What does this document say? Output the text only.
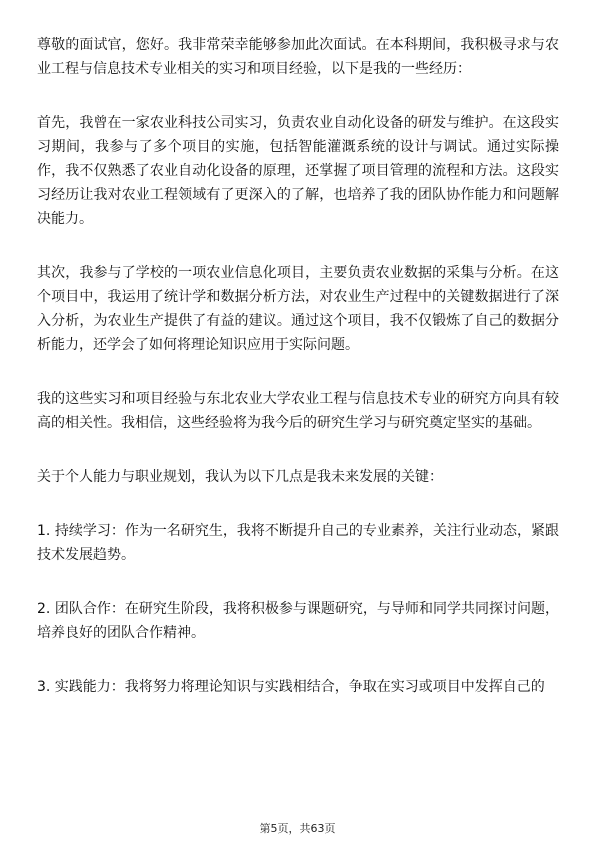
尊敬的面试官，您好。我非常荣幸能够参加此次面试。在本科期间，我积极寻求与农业工程与信息技术专业相关的实习和项目经验，以下是我的一些经历：

首先，我曾在一家农业科技公司实习，负责农业自动化设备的研发与维护。在这段实习期间，我参与了多个项目的实施，包括智能灌溉系统的设计与调试。通过实际操作，我不仅熟悉了农业自动化设备的原理，还掌握了项目管理的流程和方法。这段实习经历让我对农业工程领域有了更深入的了解，也培养了我的团队协作能力和问题解决能力。

其次，我参与了学校的一项农业信息化项目，主要负责农业数据的采集与分析。在这个项目中，我运用了统计学和数据分析方法，对农业生产过程中的关键数据进行了深入分析，为农业生产提供了有益的建议。通过这个项目，我不仅锻炼了自己的数据分析能力，还学会了如何将理论知识应用于实际问题。

我的这些实习和项目经验与东北农业大学农业工程与信息技术专业的研究方向具有较高的相关性。我相信，这些经验将为我今后的研究生学习与研究奠定坚实的基础。

关于个人能力与职业规划，我认为以下几点是我未来发展的关键：

1. 持续学习：作为一名研究生，我将不断提升自己的专业素养，关注行业动态，紧跟技术发展趋势。

2. 团队合作：在研究生阶段，我将积极参与课题研究，与导师和同学共同探讨问题，培养良好的团队合作精神。

3. 实践能力：我将努力将理论知识与实践相结合，争取在实习或项目中发挥自己的

第5页，共63页
